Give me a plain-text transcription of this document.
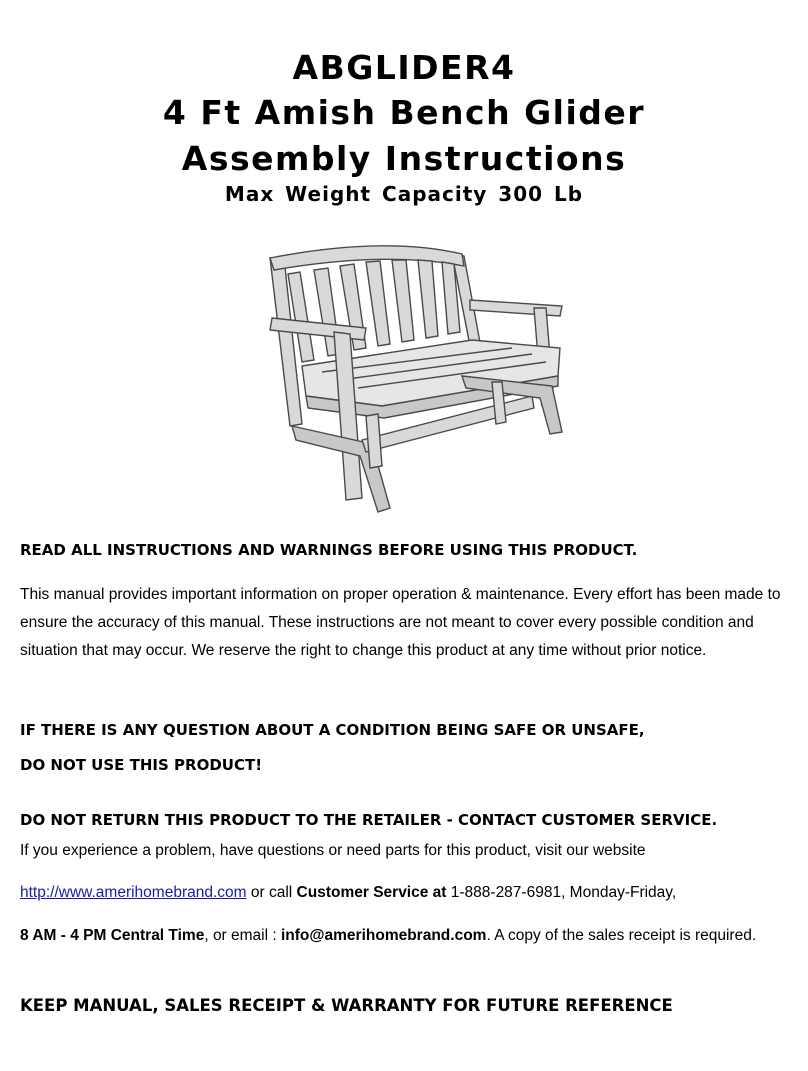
ABGLIDER4
4 Ft Amish Bench Glider
Assembly Instructions
Max Weight Capacity 300 Lb

READ ALL INSTRUCTIONS AND WARNINGS BEFORE USING THIS PRODUCT.

This manual provides important information on proper operation & maintenance. Every effort has been made to ensure the accuracy of this manual. These instructions are not meant to cover every possible condition and situation that may occur. We reserve the right to change this product at any time without prior notice.

IF THERE IS ANY QUESTION ABOUT A CONDITION BEING SAFE OR UNSAFE,

DO NOT USE THIS PRODUCT!

DO NOT RETURN THIS PRODUCT TO THE RETAILER - CONTACT CUSTOMER SERVICE.

If you experience a problem, have questions or need parts for this product, visit our website

http://www.amerihomebrand.com or call Customer Service at 1-888-287-6981, Monday-Friday,

8 AM - 4 PM Central Time, or email : info@amerihomebrand.com. A copy of the sales receipt is required.

KEEP MANUAL, SALES RECEIPT & WARRANTY FOR FUTURE REFERENCE
